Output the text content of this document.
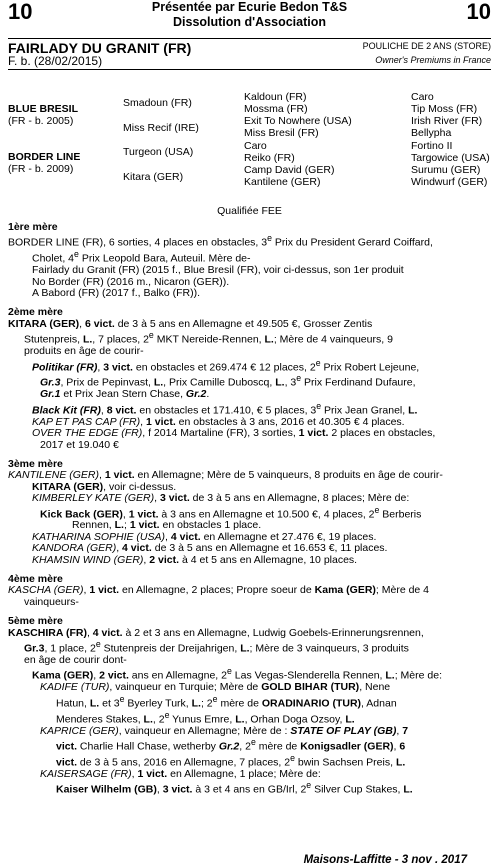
10	Présentée par Ecurie Bedon T&S
Dissolution d'Association	10
FAIRLADY DU GRANIT (FR)
F. b. (28/02/2015)
POULICHE DE 2 ANS (STORE)
Owner's Premiums in France
BLUE BRESIL
(FR - b. 2005)
BORDER LINE
(FR - b. 2009)
Smadoun (FR)
Miss Recif (IRE)
Turgeon (USA)
Kitara (GER)
Kaldoun (FR)
Mossma (FR)
Exit To Nowhere (USA)
Miss Bresil (FR)
Caro
Reiko (FR)
Camp David (GER)
Kantilene (GER)
Caro
Tip Moss (FR)
Irish River (FR)
Bellypha
Fortino II
Targowice (USA)
Surumu (GER)
Windwurf (GER)
Qualifiée FEE
1ère mère
BORDER LINE (FR), 6 sorties, 4 places en obstacles, 3e Prix du President Gerard Coiffard,
Cholet, 4e Prix Leopold Bara, Auteuil. Mère de-
Fairlady du Granit (FR) (2015 f., Blue Bresil (FR), voir ci-dessus, son 1er produit
No Border (FR) (2016 m., Nicaron (GER)).
A Babord (FR) (2017 f., Balko (FR)).
2ème mère
KITARA (GER), 6 vict. de 3 à 5 ans en Allemagne et 49.505 €, Grosser Zentis
Stutenpreis, L., 7 places, 2e MKT Nereide-Rennen, L.; Mère de 4 vainqueurs, 9
produits en âge de courir-
Politikar (FR), 3 vict. en obstacles et 269.474 € 12 places, 2e Prix Robert Lejeune,
Gr.3, Prix de Pepinvast, L., Prix Camille Duboscq, L., 3e Prix Ferdinand Dufaure,
Gr.1 et Prix Jean Stern Chase, Gr.2.
Black Kit (FR), 8 vict. en obstacles et 171.410, € 5 places, 3e Prix Jean Granel, L.
KAP ET PAS CAP (FR), 1 vict. en obstacles à 3 ans, 2016 et 40.305 € 4 places.
OVER THE EDGE (FR), f 2014 Martaline (FR), 3 sorties, 1 vict. 2 places en obstacles,
2017 et 19.040 €
3ème mère
KANTILENE (GER), 1 vict. en Allemagne; Mère de 5 vainqueurs, 8 produits en âge de courir-
KITARA (GER), voir ci-dessus.
KIMBERLEY KATE (GER), 3 vict. de 3 à 5 ans en Allemagne, 8 places; Mère de:
Kick Back (GER), 1 vict. à 3 ans en Allemagne et 10.500 €, 4 places, 2e Berberis
Rennen, L.; 1 vict. en obstacles 1 place.
KATHARINA SOPHIE (USA), 4 vict. en Allemagne et 27.476 €, 19 places.
KANDORA (GER), 4 vict. de 3 à 5 ans en Allemagne et 16.653 €, 11 places.
KHAMSIN WIND (GER), 2 vict. à 4 et 5 ans en Allemagne, 10 places.
4ème mère
KASCHA (GER), 1 vict. en Allemagne, 2 places; Propre soeur de Kama (GER); Mère de 4
vainqueurs-
5ème mère
KASCHIRA (FR), 4 vict. à 2 et 3 ans en Allemagne, Ludwig Goebels-Erinnerungsrennen,
Gr.3, 1 place, 2e Stutenpreis der Dreijahrigen, L.; Mère de 3 vainqueurs, 3 produits
en âge de courir dont-
Kama (GER), 2 vict. ans en Allemagne, 2e Las Vegas-Slenderella Rennen, L.; Mère de:
KADIFE (TUR), vainqueur en Turquie; Mère de GOLD BIHAR (TUR), Nene
Hatun, L. et 3e Byerley Turk, L.; 2e mère de ORADINARIO (TUR), Adnan
Menderes Stakes, L., 2e Yunus Emre, L., Orhan Doga Ozsoy, L.
KAPRICE (GER), vainqueur en Allemagne; Mère de : STATE OF PLAY (GB), 7
vict. Charlie Hall Chase, wetherby Gr.2, 2e mère de Konigsadler (GER), 6
vict. de 3 à 5 ans, 2016 en Allemagne, 7 places, 2e bwin Sachsen Preis, L.
KAISERSAGE (FR), 1 vict. en Allemagne, 1 place; Mère de:
Kaiser Wilhelm (GB), 3 vict. à 3 et 4 ans en GB/Irl, 2e Silver Cup Stakes, L.
Maisons-Laffitte - 3 nov . 2017
